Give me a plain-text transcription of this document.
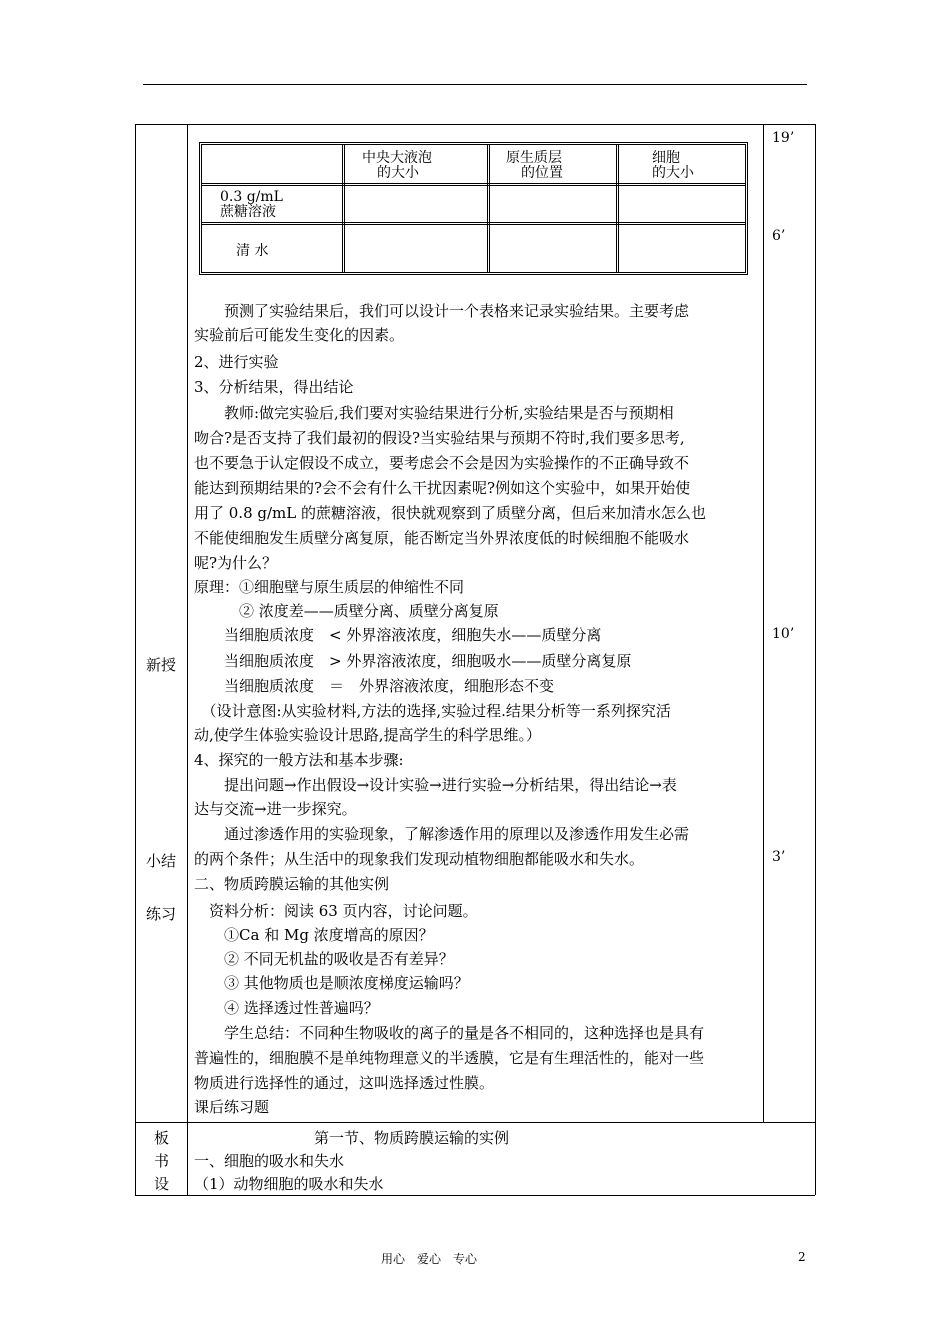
中央大液泡
的大小
原生质层
的位置
细胞
的大小
0.3 g/mL
蔗糖溶液
清 水
19’
6’
10’
3’
新授
小结
练习
板
书
设
　　预测了实验结果后，我们可以设计一个表格来记录实验结果。主要考虑
实验前后可能发生变化的因素。
2、进行实验
3、分析结果，得出结论
　　教师:做完实验后,我们要对实验结果进行分析,实验结果是否与预期相
吻合?是否支持了我们最初的假设?当实验结果与预期不符时,我们要多思考,
也不要急于认定假设不成立，要考虑会不会是因为实验操作的不正确导致不
能达到预期结果的?会不会有什么干扰因素呢?例如这个实验中，如果开始使
用了 0.8 g/mL 的蔗糖溶液，很快就观察到了质壁分离，但后来加清水怎么也
不能使细胞发生质壁分离复原，能否断定当外界浓度低的时候细胞不能吸水
呢?为什么？
原理：①细胞壁与原生质层的伸缩性不同
　　　② 浓度差——质壁分离、质壁分离复原
　　当细胞质浓度　< 外界溶液浓度，细胞失水——质壁分离
　　当细胞质浓度　> 外界溶液浓度，细胞吸水——质壁分离复原
　　当细胞质浓度　＝　外界溶液浓度，细胞形态不变
　（设计意图:从实验材料,方法的选择,实验过程.结果分析等一系列探究活
动,使学生体验实验设计思路,提高学生的科学思维。）
4、探究的一般方法和基本步骤:
　　提出问题→作出假设→设计实验→进行实验→分析结果，得出结论→表
达与交流→进一步探究。
　　通过渗透作用的实验现象，了解渗透作用的原理以及渗透作用发生必需
的两个条件；从生活中的现象我们发现动植物细胞都能吸水和失水。
二、物质跨膜运输的其他实例
　资料分析：阅读 63 页内容，讨论问题。
　　①Ca 和 Mg 浓度增高的原因？
　　② 不同无机盐的吸收是否有差异？
　　③ 其他物质也是顺浓度梯度运输吗？
　　④ 选择透过性普遍吗？
　　学生总结：不同种生物吸收的离子的量是各不相同的，这种选择也是具有
普遍性的，细胞膜不是单纯物理意义的半透膜，它是有生理活性的，能对一些
物质进行选择性的通过，这叫选择透过性膜。
课后练习题
　　　　　　　　第一节、物质跨膜运输的实例
一、细胞的吸水和失水
（1）动物细胞的吸水和失水
用心　爱心　专心	2
